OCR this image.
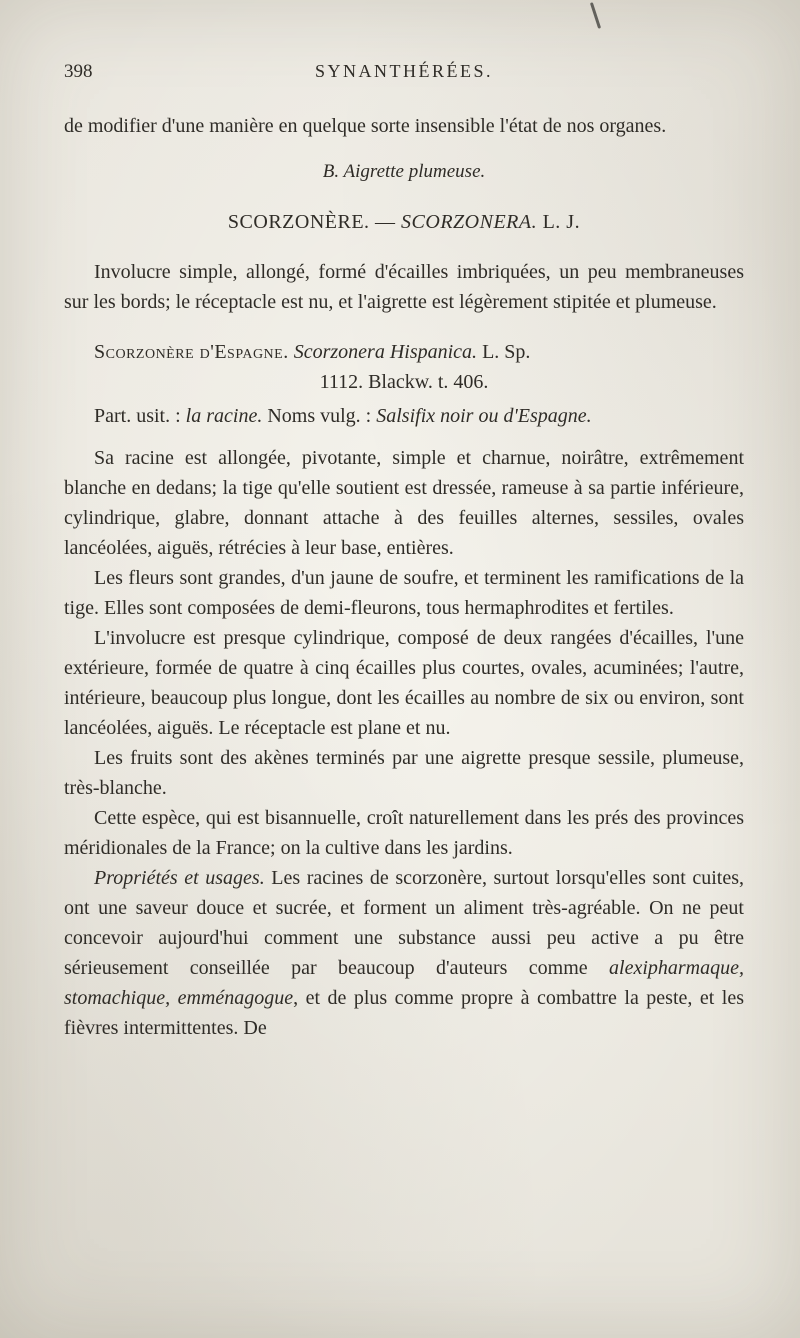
398	SYNANTHÉRÉES.

de modifier d'une manière en quelque sorte insensible l'état de nos organes.

B. Aigrette plumeuse.

SCORZONÈRE. — SCORZONERA. L. J.

Involucre simple, allongé, formé d'écailles imbriquées, un peu membraneuses sur les bords; le réceptacle est nu, et l'aigrette est légèrement stipitée et plumeuse.

Scorzonère d'Espagne. Scorzonera Hispanica. L. Sp.

1112. Blackw. t. 406.

Part. usit. : la racine. Noms vulg. : Salsifix noir ou d'Espagne.

Sa racine est allongée, pivotante, simple et charnue, noirâtre, extrêmement blanche en dedans; la tige qu'elle soutient est dressée, rameuse à sa partie inférieure, cylindrique, glabre, donnant attache à des feuilles alternes, sessiles, ovales lancéolées, aiguës, rétrécies à leur base, entières.

Les fleurs sont grandes, d'un jaune de soufre, et terminent les ramifications de la tige. Elles sont composées de demi-fleurons, tous hermaphrodites et fertiles.

L'involucre est presque cylindrique, composé de deux rangées d'écailles, l'une extérieure, formée de quatre à cinq écailles plus courtes, ovales, acuminées; l'autre, intérieure, beaucoup plus longue, dont les écailles au nombre de six ou environ, sont lancéolées, aiguës. Le réceptacle est plane et nu.

Les fruits sont des akènes terminés par une aigrette presque sessile, plumeuse, très-blanche.

Cette espèce, qui est bisannuelle, croît naturellement dans les prés des provinces méridionales de la France; on la cultive dans les jardins.

Propriétés et usages. Les racines de scorzonère, surtout lorsqu'elles sont cuites, ont une saveur douce et sucrée, et forment un aliment très-agréable. On ne peut concevoir aujourd'hui comment une substance aussi peu active a pu être sérieusement conseillée par beaucoup d'auteurs comme alexipharmaque, stomachique, emménagogue, et de plus comme propre à combattre la peste, et les fièvres intermittentes. De
